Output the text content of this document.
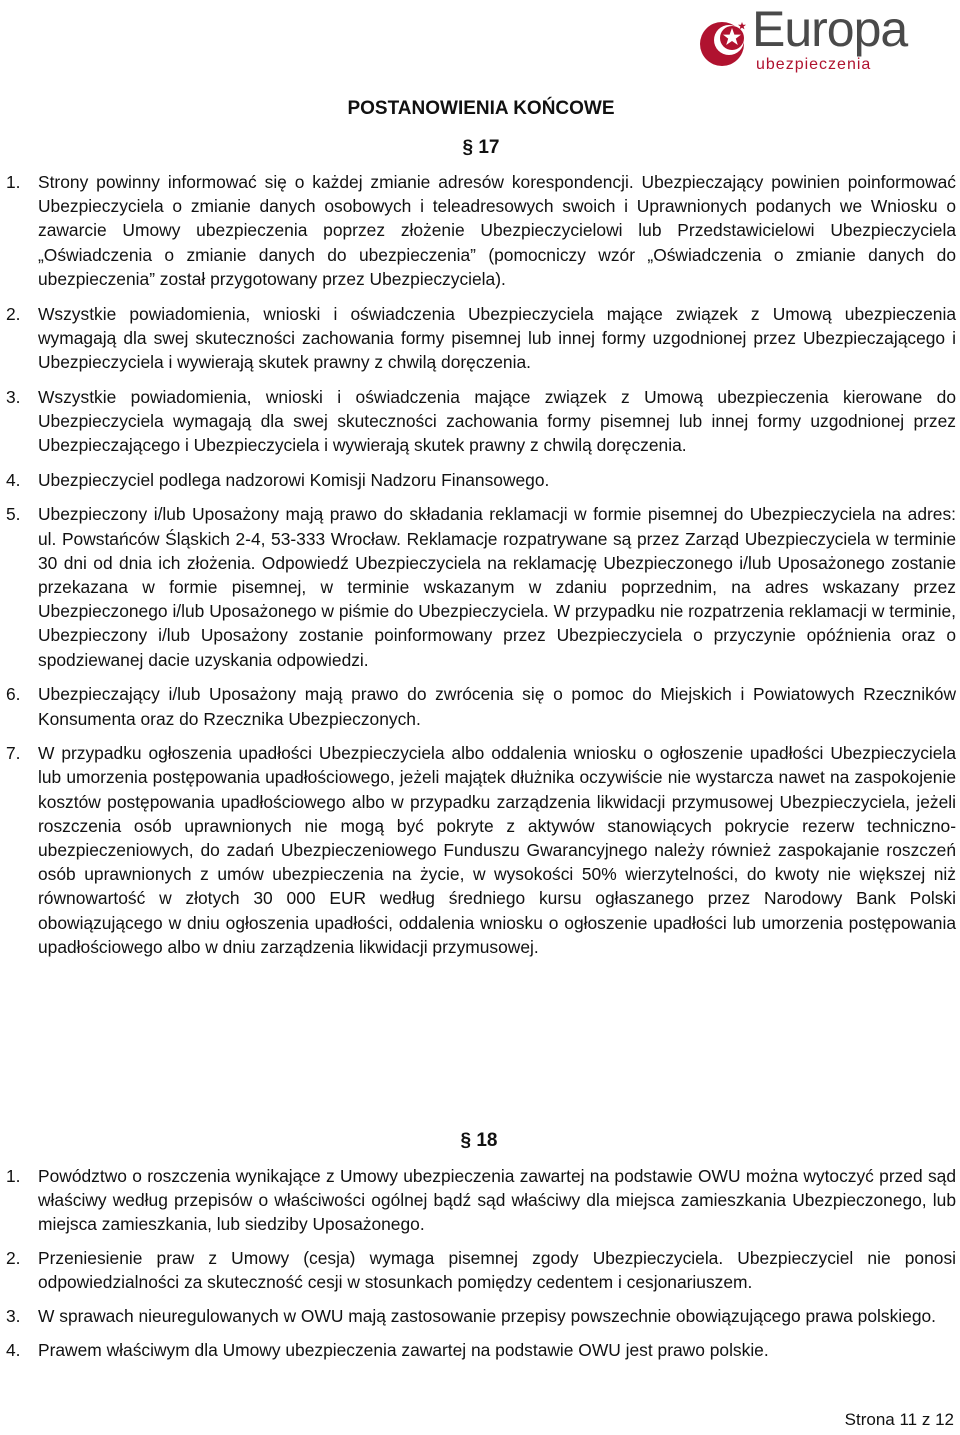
Europa
ubezpieczenia
POSTANOWIENIA KOŃCOWE
§ 17
1.	Strony powinny informować się o każdej zmianie adresów korespondencji. Ubezpieczający powinien poinformować Ubezpieczyciela o zmianie danych osobowych i teleadresowych swoich i Uprawnionych podanych we Wniosku o zawarcie Umowy ubezpieczenia poprzez złożenie Ubezpieczycielowi lub Przedstawicielowi Ubezpieczyciela „Oświadczenia o zmianie danych do ubezpieczenia” (pomocniczy wzór „Oświadczenia o zmianie danych do ubezpieczenia” został przygotowany przez Ubezpieczyciela).
2.	Wszystkie powiadomienia, wnioski i oświadczenia Ubezpieczyciela mające związek z Umową ubezpieczenia wymagają dla swej skuteczności zachowania formy pisemnej lub innej formy uzgodnionej przez Ubezpieczającego i Ubezpieczyciela i wywierają skutek prawny z chwilą doręczenia.
3.	Wszystkie powiadomienia, wnioski i oświadczenia mające związek z Umową ubezpieczenia kierowane do Ubezpieczyciela wymagają dla swej skuteczności zachowania formy pisemnej lub innej formy uzgodnionej przez Ubezpieczającego i Ubezpieczyciela i wywierają skutek prawny z chwilą doręczenia.
4.	Ubezpieczyciel podlega nadzorowi Komisji Nadzoru Finansowego.
5.	Ubezpieczony i/lub Uposażony mają prawo do składania reklamacji w formie pisemnej do Ubezpieczyciela na adres: ul. Powstańców Śląskich 2-4, 53-333 Wrocław. Reklamacje rozpatrywane są przez Zarząd Ubezpieczyciela w terminie 30 dni od dnia ich złożenia. Odpowiedź Ubezpieczyciela na reklamację Ubezpieczonego i/lub Uposażonego zostanie przekazana w formie pisemnej, w terminie wskazanym w zdaniu poprzednim, na adres wskazany przez Ubezpieczonego i/lub Uposażonego w piśmie do Ubezpieczyciela. W przypadku nie rozpatrzenia reklamacji w terminie, Ubezpieczony i/lub Uposażony zostanie poinformowany przez Ubezpieczyciela o przyczynie opóźnienia oraz o spodziewanej dacie uzyskania odpowiedzi.
6.	Ubezpieczający i/lub Uposażony mają prawo do zwrócenia się o pomoc do Miejskich i Powiatowych Rzeczników Konsumenta oraz do Rzecznika Ubezpieczonych.
7.	W przypadku ogłoszenia upadłości Ubezpieczyciela albo oddalenia wniosku o ogłoszenie upadłości Ubezpieczyciela lub umorzenia postępowania upadłościowego, jeżeli majątek dłużnika oczywiście nie wystarcza nawet na zaspokojenie kosztów postępowania upadłościowego albo w przypadku zarządzenia likwidacji przymusowej Ubezpieczyciela, jeżeli roszczenia osób uprawnionych nie mogą być pokryte z aktywów stanowiących pokrycie rezerw techniczno-ubezpieczeniowych, do zadań Ubezpieczeniowego Funduszu Gwarancyjnego należy również zaspokajanie roszczeń osób uprawnionych z umów ubezpieczenia na życie, w wysokości 50% wierzytelności, do kwoty nie większej niż równowartość w złotych 30 000 EUR według średniego kursu ogłaszanego przez Narodowy Bank Polski obowiązującego w dniu ogłoszenia upadłości, oddalenia wniosku o ogłoszenie upadłości lub umorzenia postępowania upadłościowego albo w dniu zarządzenia likwidacji przymusowej.
§ 18
1.	Powództwo o roszczenia wynikające z Umowy ubezpieczenia zawartej na podstawie OWU można wytoczyć przed sąd właściwy według przepisów o właściwości ogólnej bądź sąd właściwy dla miejsca zamieszkania Ubezpieczonego, lub miejsca zamieszkania, lub siedziby Uposażonego.
2.	Przeniesienie praw z Umowy (cesja) wymaga pisemnej zgody Ubezpieczyciela. Ubezpieczyciel nie ponosi odpowiedzialności za skuteczność cesji w stosunkach pomiędzy cedentem i cesjonariuszem.
3.	W sprawach nieuregulowanych w OWU mają zastosowanie przepisy powszechnie obowiązującego prawa polskiego.
4.	Prawem właściwym dla Umowy ubezpieczenia zawartej na podstawie OWU jest prawo polskie.
Strona 11 z 12
